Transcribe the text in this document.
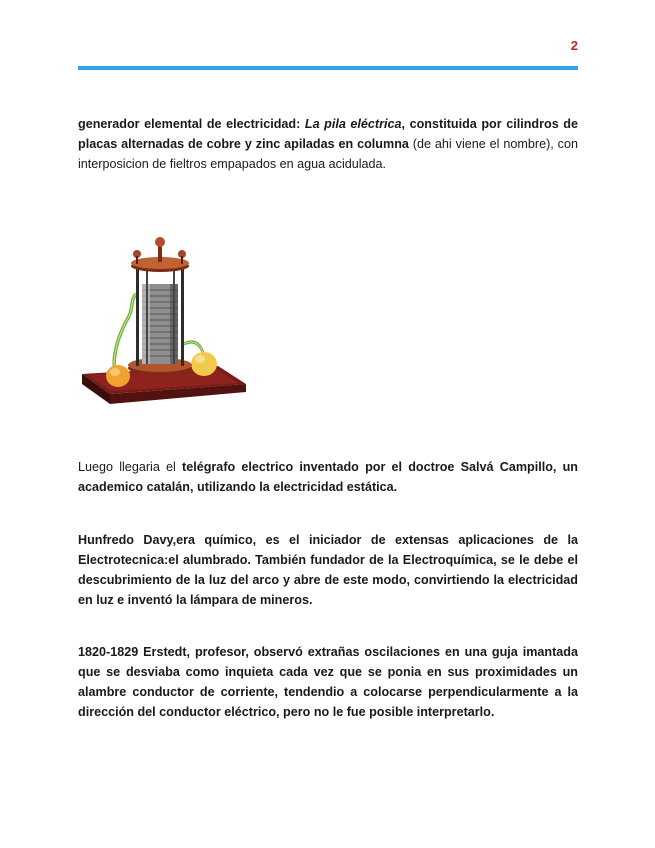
2

generador elemental de electricidad: La pila eléctrica, constituida por cilindros de placas alternadas de cobre y zinc apiladas en columna (de ahi viene el nombre), con interposicion de fieltros empapados en agua acidulada.

Luego llegaria el telégrafo electrico inventado por el doctroe Salvá Campillo, un academico catalán, utilizando la electricidad estática.

Hunfredo Davy,era químico, es el iniciador de extensas aplicaciones de la Electrotecnica:el alumbrado. También fundador de la Electroquímica, se le debe el descubrimiento de la luz del arco y abre de este modo, convirtiendo la electricidad en luz e inventó la lámpara de mineros.

1820-1829 Erstedt, profesor, observó extrañas oscilaciones en una guja imantada que se desviaba como inquieta cada vez que se ponia en sus proximidades un alambre conductor de corriente, tendendio a colocarse perpendicularmente a la dirección del conductor eléctrico, pero no le fue posible interpretarlo.
